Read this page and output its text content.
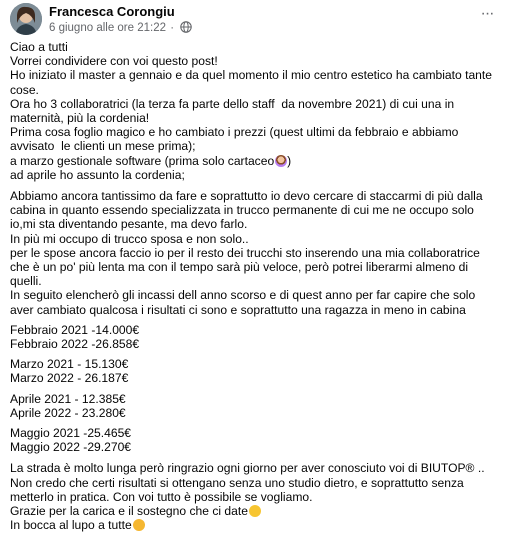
Francesca Corongiu
6 giugno alle ore 21:22 ·
···
Ciao a tutti
Vorrei condividere con voi questo post!
Ho iniziato il master a gennaio e da quel momento il mio centro estetico ha cambiato tante
cose.
Ora ho 3 collaboratrici (la terza fa parte dello staff  da novembre 2021) di cui una in
maternità, più la cordenia!
Prima cosa foglio magico e ho cambiato i prezzi (quest ultimi da febbraio e abbiamo
avvisato  le clienti un mese prima);
a marzo gestionale software (prima solo cartaceo )
ad aprile ho assunto la cordenia;
Abbiamo ancora tantissimo da fare e soprattutto io devo cercare di staccarmi di più dalla
cabina in quanto essendo specializzata in trucco permanente di cui me ne occupo solo
io,mi sta diventando pesante, ma devo farlo.
In più mi occupo di trucco sposa e non solo..
per le spose ancora faccio io per il resto dei trucchi sto inserendo una mia collaboratrice
che è un po' più lenta ma con il tempo sarà più veloce, però potrei liberarmi almeno di
quelli.
In seguito elencherò gli incassi dell anno scorso e di quest anno per far capire che solo
aver cambiato qualcosa i risultati ci sono e soprattutto una ragazza in meno in cabina
Febbraio 2021 -14.000€
Febbraio 2022 -26.858€
Marzo 2021 - 15.130€
Marzo 2022 - 26.187€
Aprile 2021 - 12.385€
Aprile 2022 - 23.280€
Maggio 2021 -25.465€
Maggio 2022 -29.270€
La strada è molto lunga però ringrazio ogni giorno per aver conosciuto voi di BIUTOP® ..
Non credo che certi risultati si ottengano senza uno studio dietro, e soprattutto senza
metterlo in pratica. Con voi tutto è possibile se vogliamo.
Grazie per la carica e il sostegno che ci date
In bocca al lupo a tutte
